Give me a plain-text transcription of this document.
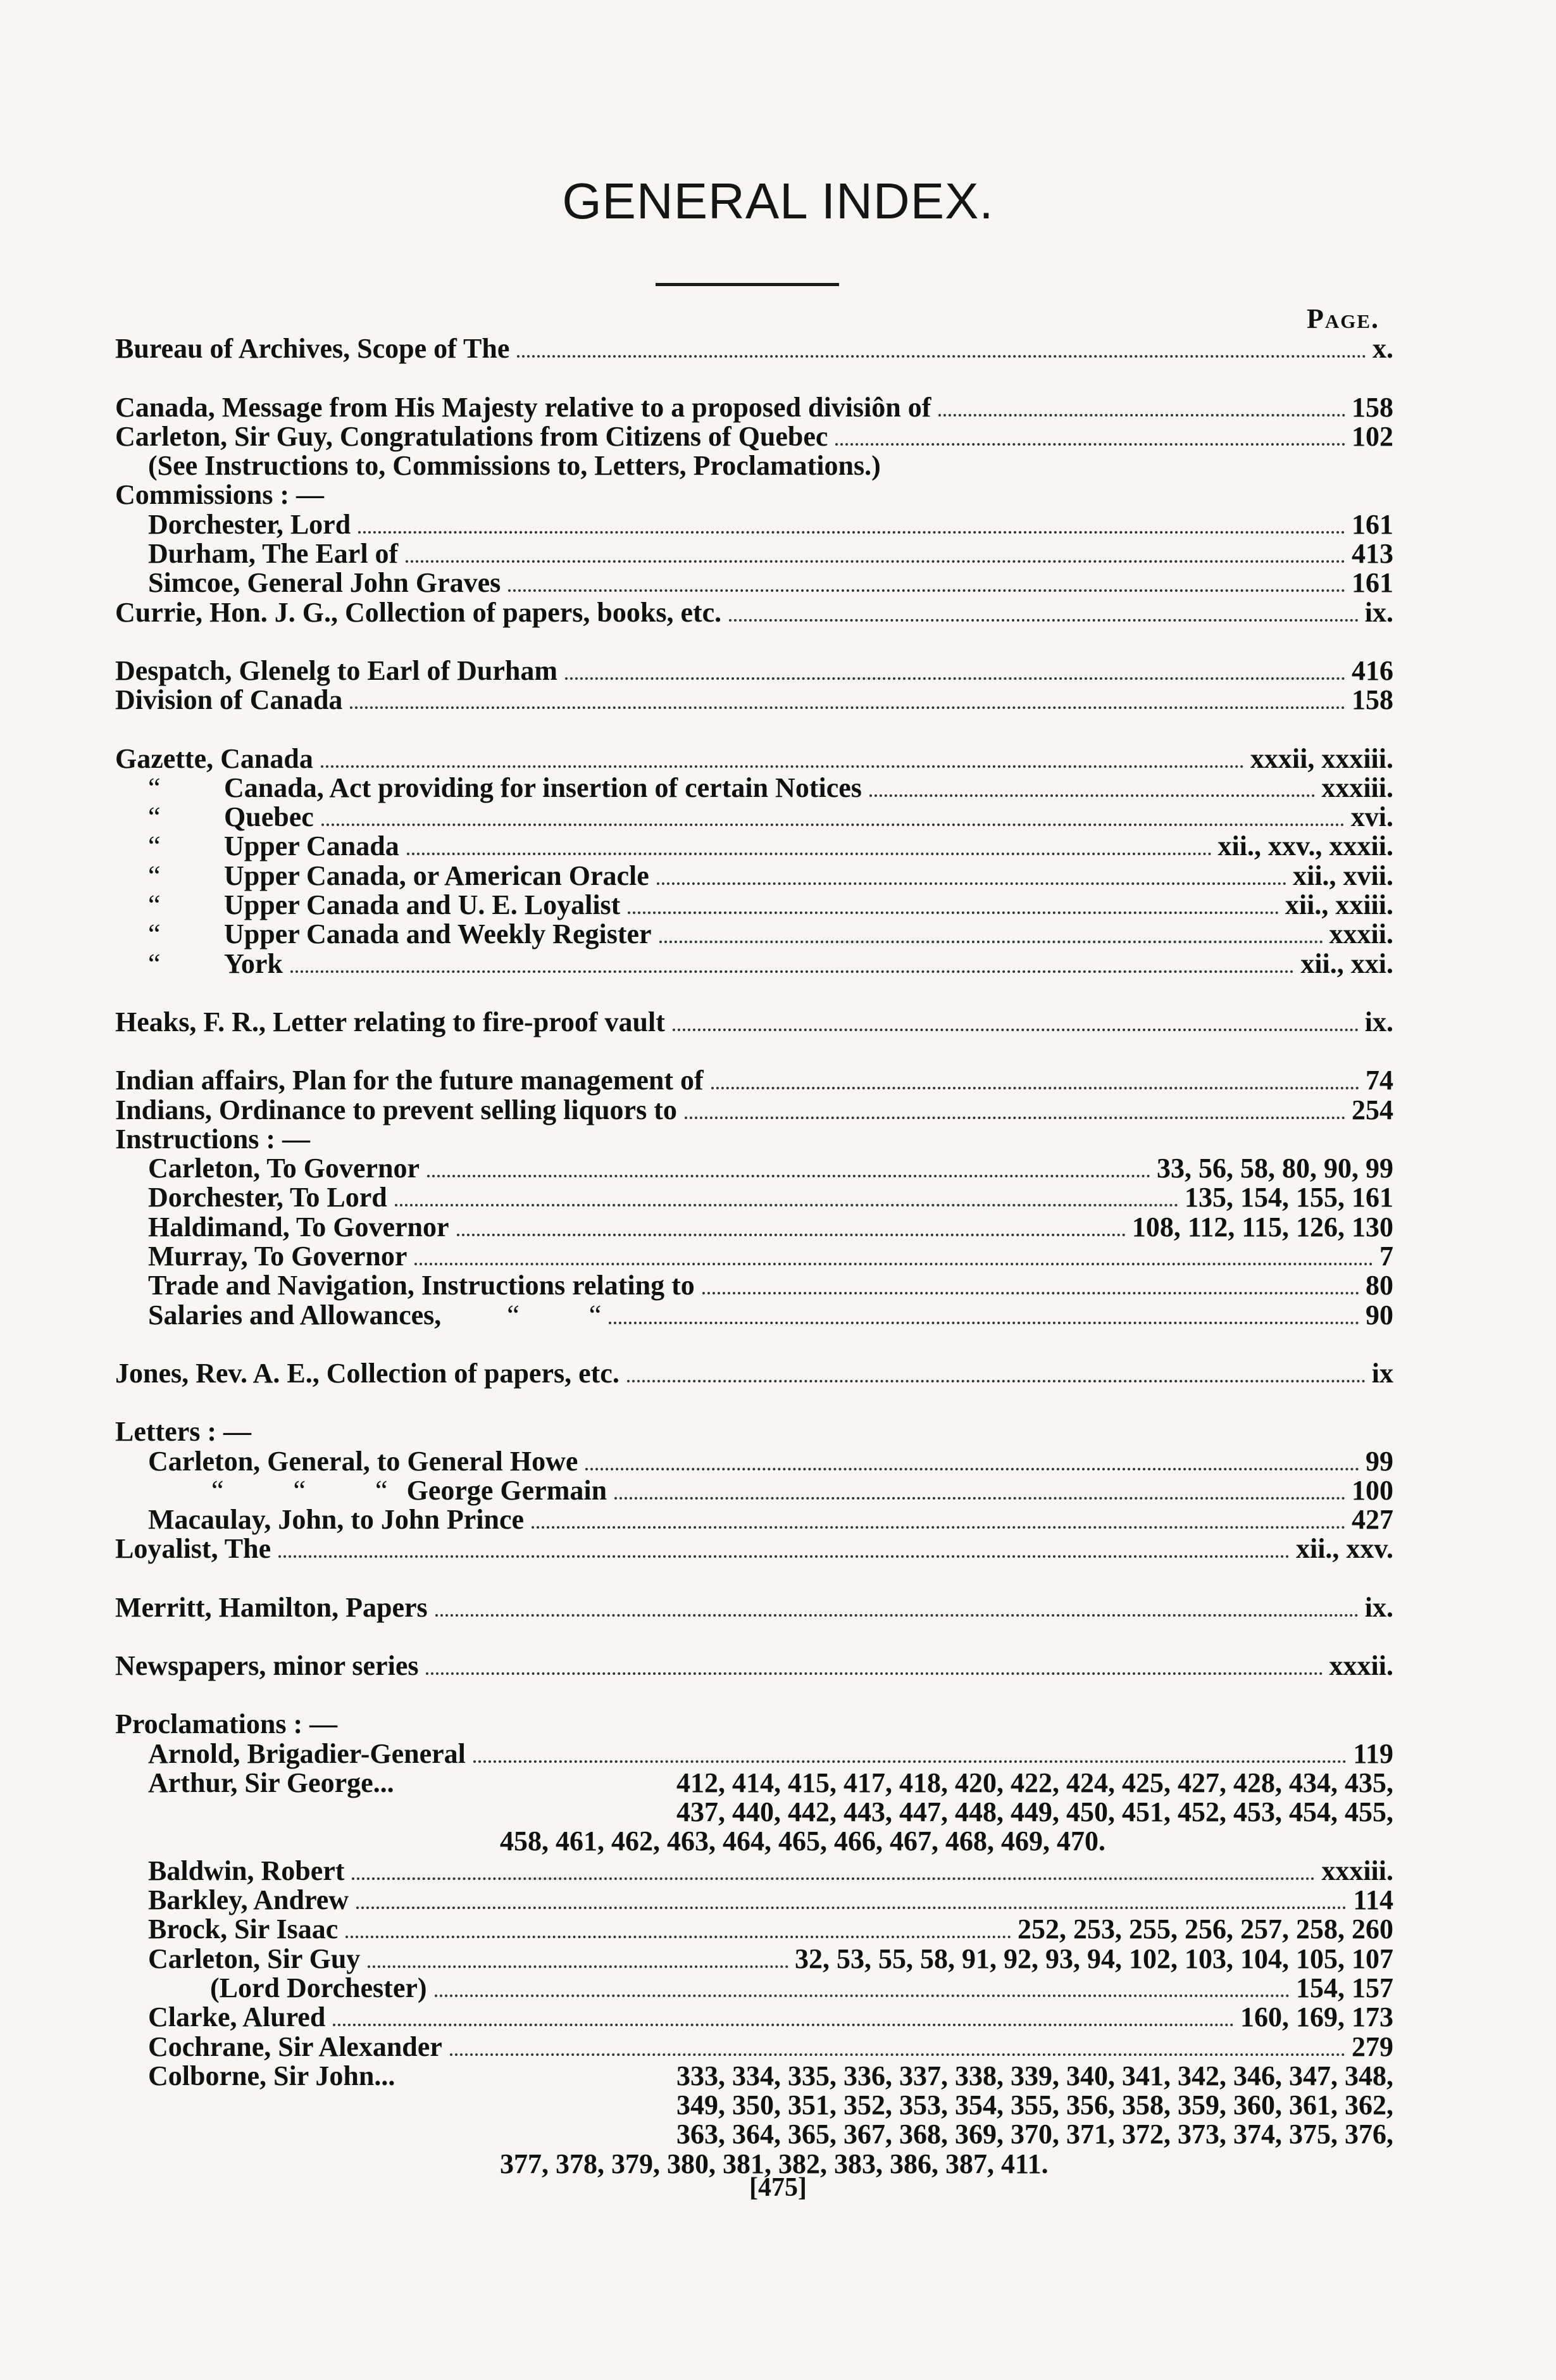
GENERAL INDEX.
Page.
Bureau of Archives, Scope of The	x.
Canada, Message from His Majesty relative to a proposed divisiôn of	158
Carleton, Sir Guy, Congratulations from Citizens of Quebec	102
(See Instructions to, Commissions to, Letters, Proclamations.)
Commissions : —
Dorchester, Lord	161
Durham, The Earl of	413
Simcoe, General John Graves	161
Currie, Hon. J. G., Collection of papers, books, etc.	ix.
Despatch, Glenelg to Earl of Durham	416
Division of Canada	158
Gazette, Canada	xxxii, xxxiii.
“	Canada, Act providing for insertion of certain Notices	xxxiii.
“	Quebec	xvi.
“	Upper Canada	xii., xxv., xxxii.
“	Upper Canada, or American Oracle	xii., xvii.
“	Upper Canada and U. E. Loyalist	xii., xxiii.
“	Upper Canada and Weekly Register	xxxii.
“	York	xii., xxi.
Heaks, F. R., Letter relating to fire-proof vault	ix.
Indian affairs, Plan for the future management of	74
Indians, Ordinance to prevent selling liquors to	254
Instructions : —
Carleton, To Governor	33, 56, 58, 80, 90, 99
Dorchester, To Lord	135, 154, 155, 161
Haldimand, To Governor	108, 112, 115, 126, 130
Murray, To Governor	7
Trade and Navigation, Instructions relating to	80
Salaries and Allowances, “          “	90
Jones, Rev. A. E., Collection of papers, etc.	ix
Letters : —
Carleton, General, to General Howe	99
“          “          “ George Germain	100
Macaulay, John, to John Prince	427
Loyalist, The	xii., xxv.
Merritt, Hamilton, Papers	ix.
Newspapers, minor series	xxxii.
Proclamations : —
Arnold, Brigadier-General	119
Arthur, Sir George...	412, 414, 415, 417, 418, 420, 422, 424, 425, 427, 428, 434, 435,
437, 440, 442, 443, 447, 448, 449, 450, 451, 452, 453, 454, 455,
458, 461, 462, 463, 464, 465, 466, 467, 468, 469, 470.
Baldwin, Robert	xxxiii.
Barkley, Andrew	114
Brock, Sir Isaac	252, 253, 255, 256, 257, 258, 260
Carleton, Sir Guy	32, 53, 55, 58, 91, 92, 93, 94, 102, 103, 104, 105, 107
(Lord Dorchester)	154, 157
Clarke, Alured	160, 169, 173
Cochrane, Sir Alexander	279
Colborne, Sir John...	333, 334, 335, 336, 337, 338, 339, 340, 341, 342, 346, 347, 348,
349, 350, 351, 352, 353, 354, 355, 356, 358, 359, 360, 361, 362,
363, 364, 365, 367, 368, 369, 370, 371, 372, 373, 374, 375, 376,
377, 378, 379, 380, 381, 382, 383, 386, 387, 411.
[475]
